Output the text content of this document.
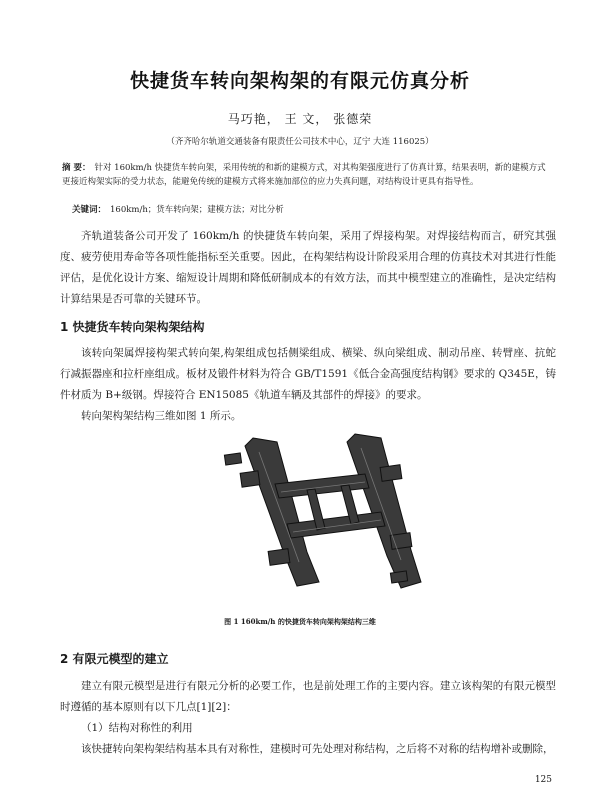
快捷货车转向架构架的有限元仿真分析
马巧艳， 王 文， 张德荣
（齐齐哈尔轨道交通装备有限责任公司技术中心，辽宁 大连 116025）
摘 要： 针对 160km/h 快捷货车转向架，采用传统的和新的建模方式，对其构架强度进行了仿真计算，结果表明，新的建模方式更接近构架实际的受力状态，能避免传统的建模方式将来施加部位的应力失真问题，对结构设计更具有指导性。
关键词： 160km/h；货车转向架；建模方法；对比分析
齐轨道装备公司开发了 160km/h 的快捷货车转向架，采用了焊接构架。对焊接结构而言，研究其强度、疲劳使用寿命等各项性能指标至关重要。因此，在构架结构设计阶段采用合理的仿真技术对其进行性能评估，是优化设计方案、缩短设计周期和降低研制成本的有效方法，而其中模型建立的准确性，是决定结构计算结果是否可靠的关键环节。
1 快捷货车转向架构架结构
该转向架属焊接构架式转向架,构架组成包括侧梁组成、横梁、纵向梁组成、制动吊座、转臂座、抗蛇行减振器座和拉杆座组成。板材及锻件材料为符合 GB/T1591《低合金高强度结构钢》要求的 Q345E，铸件材质为 B+级钢。焊接符合 EN15085《轨道车辆及其部件的焊接》的要求。
转向架构架结构三维如图 1 所示。
图 1 160km/h 的快捷货车转向架构架结构三维
2 有限元模型的建立
建立有限元模型是进行有限元分析的必要工作，也是前处理工作的主要内容。建立该构架的有限元模型时遵循的基本原则有以下几点[1][2]：
（1）结构对称性的利用
该快捷转向架构架结构基本具有对称性，建模时可先处理对称结构，之后将不对称的结构增补或删除，
125
